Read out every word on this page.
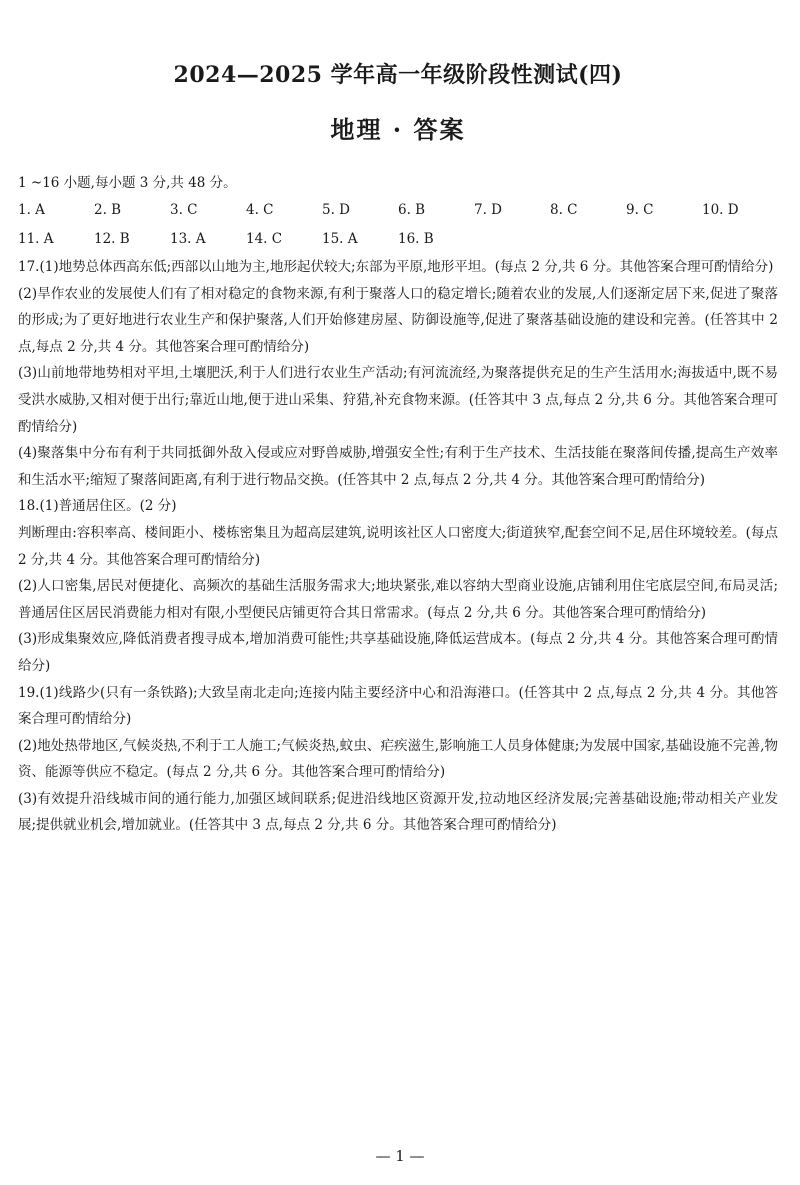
2024—2025 学年高一年级阶段性测试(四)
地理 · 答案

1 ~16 小题,每小题 3 分,共 48 分。

1. A	2. B	3. C	4. C	5. D	6. B	7. D	8. C	9. C	10. D
11. A	12. B	13. A	14. C	15. A	16. B

17.(1)地势总体西高东低;西部以山地为主,地形起伏较大;东部为平原,地形平坦。(每点 2 分,共 6 分。其他答案合理可酌情给分)

(2)旱作农业的发展使人们有了相对稳定的食物来源,有利于聚落人口的稳定增长;随着农业的发展,人们逐渐定居下来,促进了聚落的形成;为了更好地进行农业生产和保护聚落,人们开始修建房屋、防御设施等,促进了聚落基础设施的建设和完善。(任答其中 2 点,每点 2 分,共 4 分。其他答案合理可酌情给分)

(3)山前地带地势相对平坦,土壤肥沃,利于人们进行农业生产活动;有河流流经,为聚落提供充足的生产生活用水;海拔适中,既不易受洪水威胁,又相对便于出行;靠近山地,便于进山采集、狩猎,补充食物来源。(任答其中 3 点,每点 2 分,共 6 分。其他答案合理可酌情给分)

(4)聚落集中分布有利于共同抵御外敌入侵或应对野兽威胁,增强安全性;有利于生产技术、生活技能在聚落间传播,提高生产效率和生活水平;缩短了聚落间距离,有利于进行物品交换。(任答其中 2 点,每点 2 分,共 4 分。其他答案合理可酌情给分)

18.(1)普通居住区。(2 分)

判断理由:容积率高、楼间距小、楼栋密集且为超高层建筑,说明该社区人口密度大;街道狭窄,配套空间不足,居住环境较差。(每点 2 分,共 4 分。其他答案合理可酌情给分)

(2)人口密集,居民对便捷化、高频次的基础生活服务需求大;地块紧张,难以容纳大型商业设施,店铺利用住宅底层空间,布局灵活;普通居住区居民消费能力相对有限,小型便民店铺更符合其日常需求。(每点 2 分,共 6 分。其他答案合理可酌情给分)

(3)形成集聚效应,降低消费者搜寻成本,增加消费可能性;共享基础设施,降低运营成本。(每点 2 分,共 4 分。其他答案合理可酌情给分)

19.(1)线路少(只有一条铁路);大致呈南北走向;连接内陆主要经济中心和沿海港口。(任答其中 2 点,每点 2 分,共 4 分。其他答案合理可酌情给分)

(2)地处热带地区,气候炎热,不利于工人施工;气候炎热,蚊虫、疟疾滋生,影响施工人员身体健康;为发展中国家,基础设施不完善,物资、能源等供应不稳定。(每点 2 分,共 6 分。其他答案合理可酌情给分)

(3)有效提升沿线城市间的通行能力,加强区域间联系;促进沿线地区资源开发,拉动地区经济发展;完善基础设施;带动相关产业发展;提供就业机会,增加就业。(任答其中 3 点,每点 2 分,共 6 分。其他答案合理可酌情给分)

— 1 —
